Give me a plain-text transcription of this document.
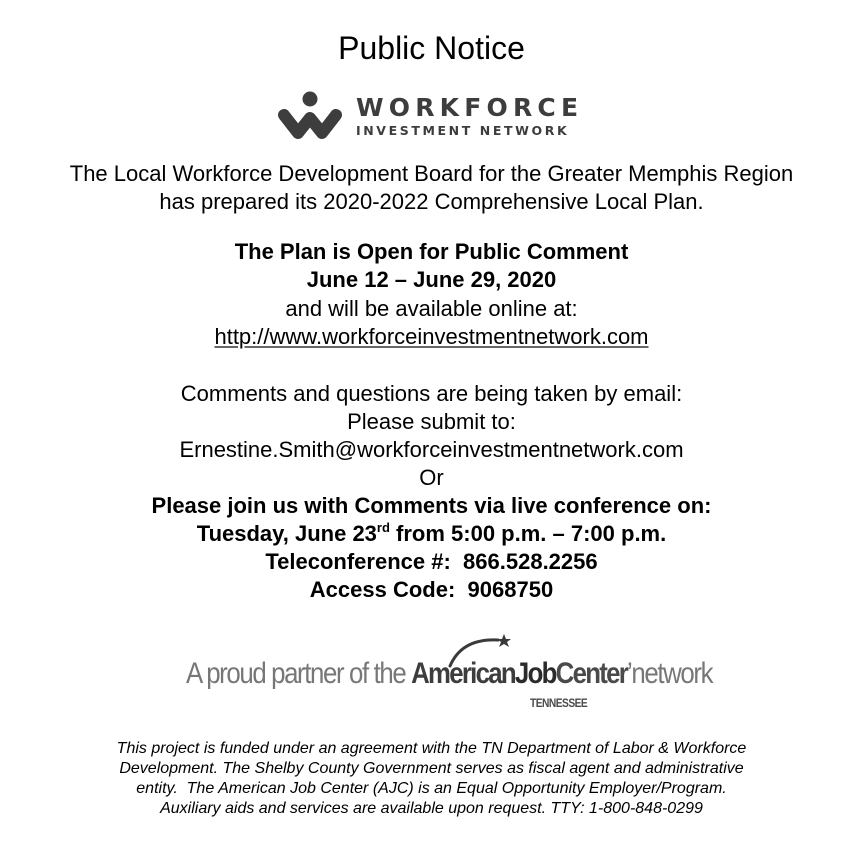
Public Notice
WORKFORCE
INVESTMENT NETWORK
The Local Workforce Development Board for the Greater Memphis Region
has prepared its 2020-2022 Comprehensive Local Plan.
The Plan is Open for Public Comment
June 12 – June 29, 2020
and will be available online at:
http://www.workforceinvestmentnetwork.com
Comments and questions are being taken by email:
Please submit to:
Ernestine.Smith@workforceinvestmentnetwork.com
Or
Please join us with Comments via live conference on:
Tuesday, June 23rd from 5:00 p.m. – 7:00 p.m.
Teleconference #: 866.528.2256
Access Code: 9068750
A proud partner of the AmericanJobCenter’network
TENNESSEE
This project is funded under an agreement with the TN Department of Labor & Workforce
Development. The Shelby County Government serves as fiscal agent and administrative
entity.  The American Job Center (AJC) is an Equal Opportunity Employer/Program.
Auxiliary aids and services are available upon request. TTY: 1-800-848-0299
